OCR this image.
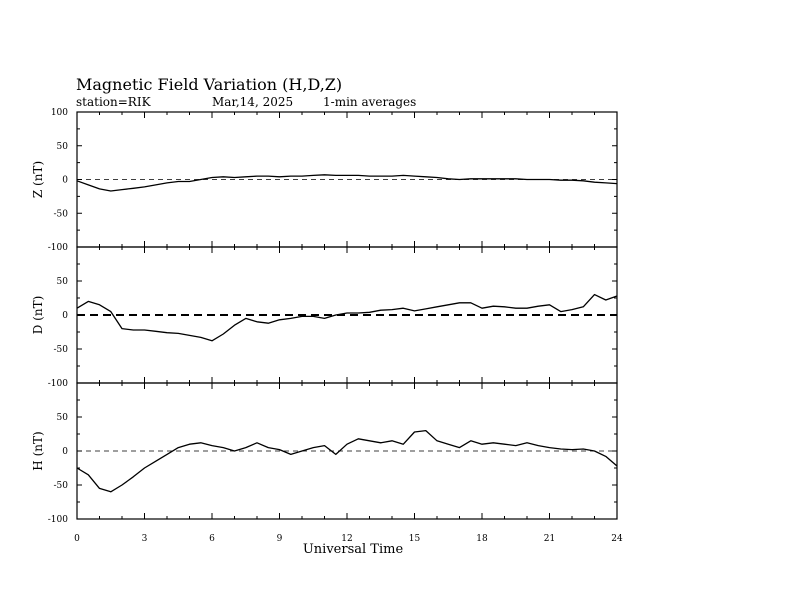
Magnetic Field Variation (H,D,Z)
station=RIK	Mar,14, 2025 1-min averages
100
50
0
-50
-100
Z (nT)
50
0
-50
-100
D (nT)
50
0
-50
-100
H (nT)
0	3	6	9	12	15	18	21	24
Universal Time
